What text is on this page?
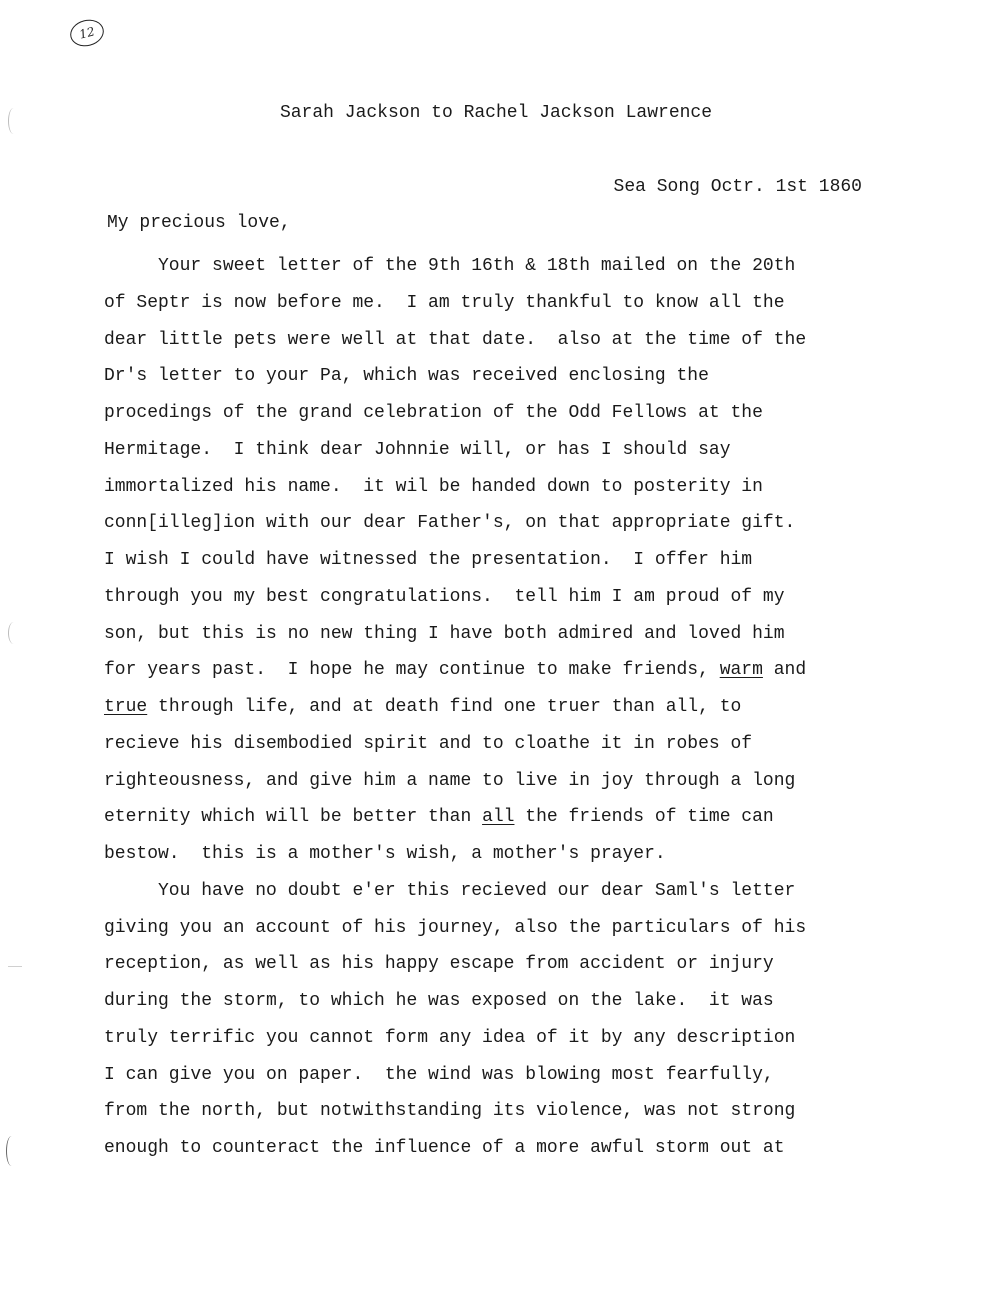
12
Sarah Jackson to Rachel Jackson Lawrence
Sea Song Octr. 1st 1860
My precious love,
Your sweet letter of the 9th 16th & 18th mailed on the 20th
of Septr is now before me.  I am truly thankful to know all the
dear little pets were well at that date.  also at the time of the
Dr's letter to your Pa, which was received enclosing the
procedings of the grand celebration of the Odd Fellows at the
Hermitage.  I think dear Johnnie will, or has I should say
immortalized his name.  it wil be handed down to posterity in
conn[illeg]ion with our dear Father's, on that appropriate gift.
I wish I could have witnessed the presentation.  I offer him
through you my best congratulations.  tell him I am proud of my
son, but this is no new thing I have both admired and loved him
for years past.  I hope he may continue to make friends, warm and
true through life, and at death find one truer than all, to
recieve his disembodied spirit and to cloathe it in robes of
righteousness, and give him a name to live in joy through a long
eternity which will be better than all the friends of time can
bestow.  this is a mother's wish, a mother's prayer.
You have no doubt e'er this recieved our dear Saml's letter
giving you an account of his journey, also the particulars of his
reception, as well as his happy escape from accident or injury
during the storm, to which he was exposed on the lake.  it was
truly terrific you cannot form any idea of it by any description
I can give you on paper.  the wind was blowing most fearfully,
from the north, but notwithstanding its violence, was not strong
enough to counteract the influence of a more awful storm out at
